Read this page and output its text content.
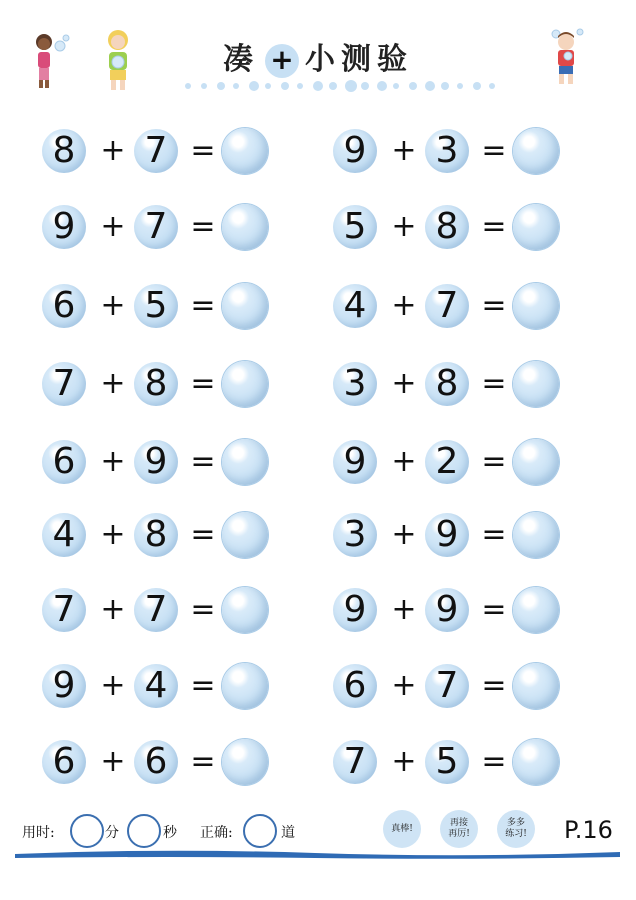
凑 + 小测验
8 + 7 =	9 + 3 =
9 + 7 =	5 + 8 =
6 + 5 =	4 + 7 =
7 + 8 =	3 + 8 =
6 + 9 =	9 + 2 =
4 + 8 =	3 + 9 =
7 + 7 =	9 + 9 =
9 + 4 =	6 + 7 =
6 + 6 =	7 + 5 =
用时:	分	秒 正确:	道	真棒!
再接
再厉!
多多
练习! P.16
